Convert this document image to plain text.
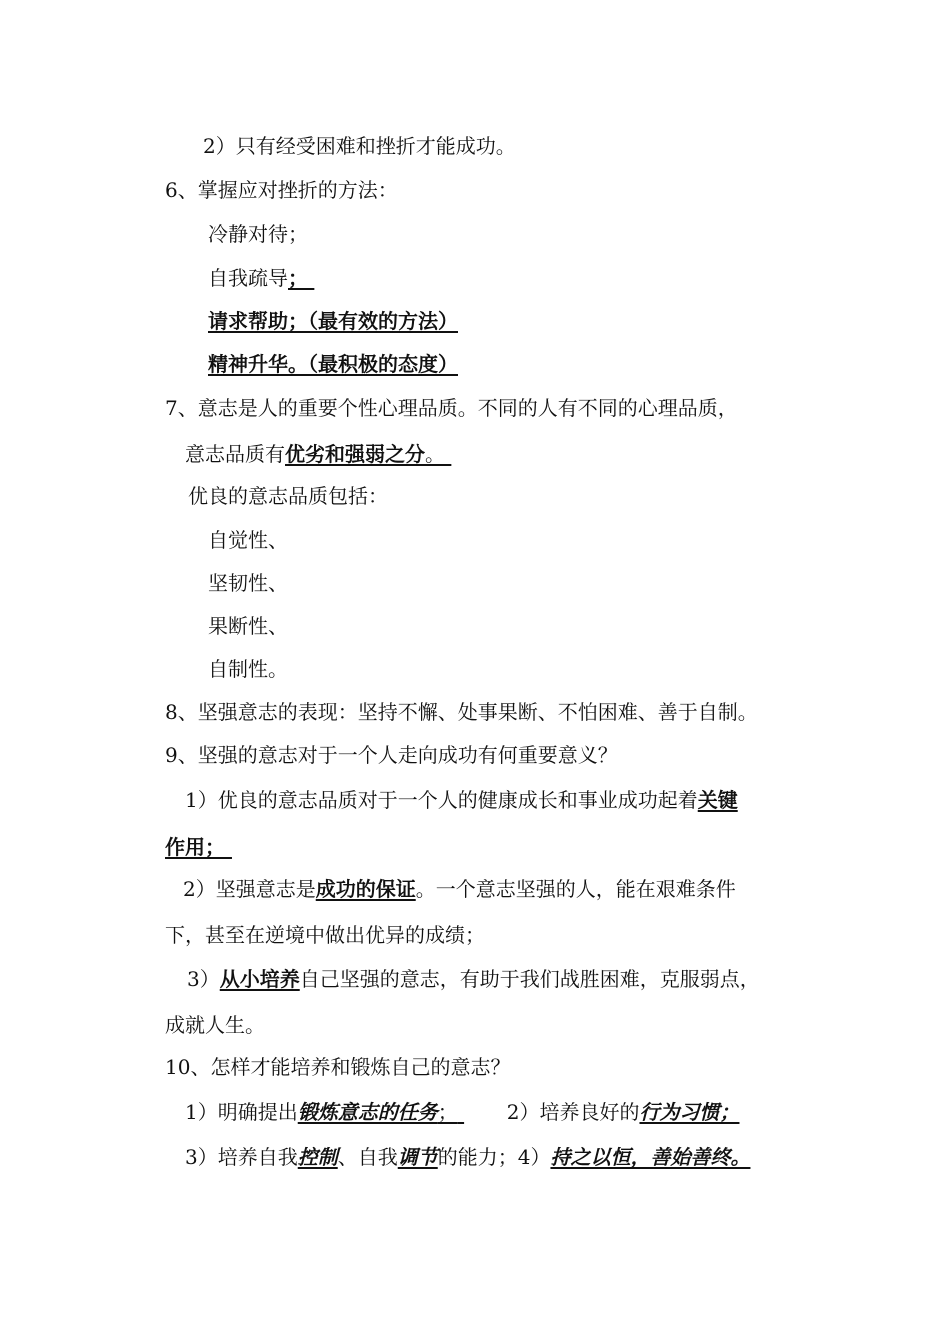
2）只有经受困难和挫折才能成功。
6、掌握应对挫折的方法：
冷静对待；
自我疏导；
请求帮助；（最有效的方法）
精神升华。（最积极的态度）
7、意志是人的重要个性心理品质。不同的人有不同的心理品质，
意志品质有优劣和强弱之分。
优良的意志品质包括：
自觉性、
坚韧性、
果断性、
自制性。
8、坚强意志的表现：坚持不懈、处事果断、不怕困难、善于自制。
9、坚强的意志对于一个人走向成功有何重要意义？
1）优良的意志品质对于一个人的健康成长和事业成功起着关键
作用；
2）坚强意志是成功的保证。一个意志坚强的人，能在艰难条件
下，甚至在逆境中做出优异的成绩；
3）从小培养自己坚强的意志，有助于我们战胜困难，克服弱点，
成就人生。
10、怎样才能培养和锻炼自己的意志？
1）明确提出锻炼意志的任务； 2）培养良好的行为习惯；
3）培养自我控制、自我调节的能力；4）持之以恒，善始善终。
